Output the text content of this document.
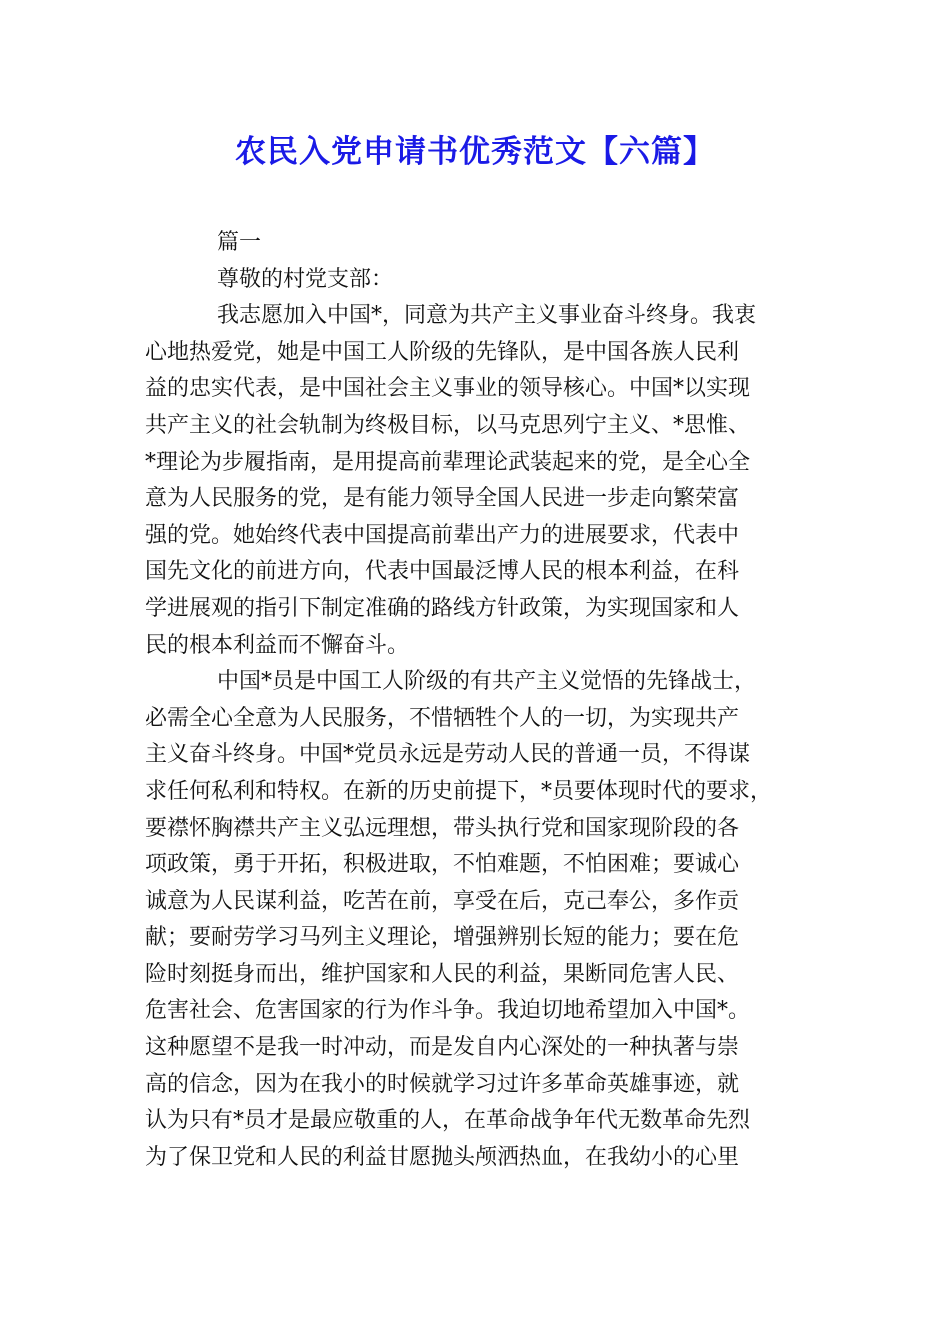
农民入党申请书优秀范文【六篇】
篇一
尊敬的村党支部：
我志愿加入中国*，同意为共产主义事业奋斗终身。我衷
心地热爱党，她是中国工人阶级的先锋队，是中国各族人民利
益的忠实代表，是中国社会主义事业的领导核心。中国*以实现
共产主义的社会轨制为终极目标，以马克思列宁主义、*思惟、
*理论为步履指南，是用提高前辈理论武装起来的党，是全心全
意为人民服务的党，是有能力领导全国人民进一步走向繁荣富
强的党。她始终代表中国提高前辈出产力的进展要求，代表中
国先文化的前进方向，代表中国最泛博人民的根本利益，在科
学进展观的指引下制定准确的路线方针政策，为实现国家和人
民的根本利益而不懈奋斗。
中国*员是中国工人阶级的有共产主义觉悟的先锋战士，
必需全心全意为人民服务，不惜牺牲个人的一切，为实现共产
主义奋斗终身。中国*党员永远是劳动人民的普通一员，不得谋
求任何私利和特权。在新的历史前提下，*员要体现时代的要求，
要襟怀胸襟共产主义弘远理想，带头执行党和国家现阶段的各
项政策，勇于开拓，积极进取，不怕难题，不怕困难；要诚心
诚意为人民谋利益，吃苦在前，享受在后，克己奉公，多作贡
献；要耐劳学习马列主义理论，增强辨别长短的能力；要在危
险时刻挺身而出，维护国家和人民的利益，果断同危害人民、
危害社会、危害国家的行为作斗争。我迫切地希望加入中国*。
这种愿望不是我一时冲动，而是发自内心深处的一种执著与崇
高的信念，因为在我小的时候就学习过许多革命英雄事迹，就
认为只有*员才是最应敬重的人，在革命战争年代无数革命先烈
为了保卫党和人民的利益甘愿抛头颅洒热血，在我幼小的心里
